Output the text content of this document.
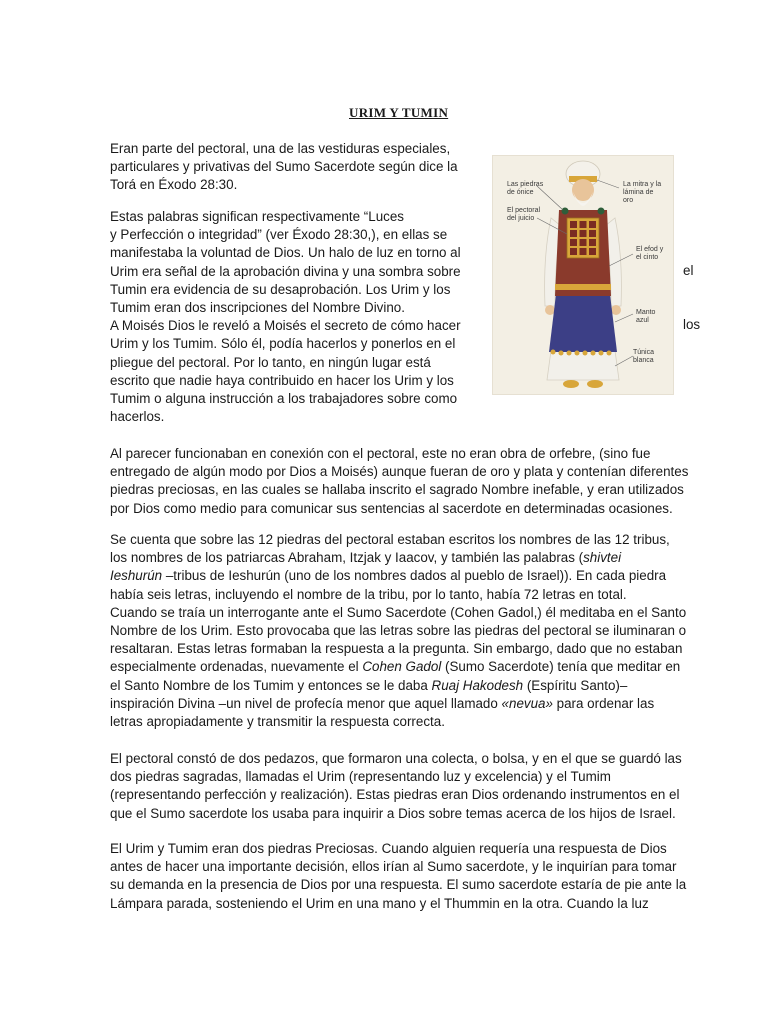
URIM Y TUMIN

Eran parte del pectoral, una de las vestiduras especiales,
particulares y privativas del Sumo Sacerdote según dice la
Torá en Éxodo 28:30.

Estas palabras significan respectivamente “Luces
y Perfección o integridad” (ver Éxodo 28:30,), en ellas se
manifestaba la voluntad de Dios. Un halo de luz en torno al
Urim era señal de la aprobación divina y una sombra sobre
Tumin era evidencia de su desaprobación. Los Urim y los
Tumim eran dos inscripciones del Nombre Divino.
A Moisés Dios le reveló a Moisés el secreto de cómo hacer
Urim y los Tumim. Sólo él, podía hacerlos y ponerlos en el
pliegue del pectoral. Por lo tanto, en ningún lugar está
escrito que nadie haya contribuido en hacer los Urim y los
Tumim o alguna instrucción a los trabajadores sobre como
hacerlos.

el
los
Las piedras
de ónice
El pectoral
del juicio
La mitra y la
lámina de
oro
El efod y
el cinto
Manto
azul
Túnica
blanca

Al parecer funcionaban en conexión con el pectoral, este no eran obra de orfebre, (sino fue
entregado de algún modo por Dios a Moisés) aunque fueran de oro y plata y contenían diferentes
piedras preciosas, en las cuales se hallaba inscrito el sagrado Nombre inefable, y eran utilizados
por Dios como medio para comunicar sus sentencias al sacerdote en determinadas ocasiones.

Se cuenta que sobre las 12 piedras del pectoral estaban escritos los nombres de las 12 tribus,
los nombres de los patriarcas Abraham, Itzjak y Iaacov, y también las palabras (shivtei
Ieshurún –tribus de Ieshurún (uno de los nombres dados al pueblo de Israel)). En cada piedra
había seis letras, incluyendo el nombre de la tribu, por lo tanto, había 72 letras en total.
Cuando se traía un interrogante ante el Sumo Sacerdote (Cohen Gadol,) él meditaba en el Santo
Nombre de los Urim. Esto provocaba que las letras sobre las piedras del pectoral se iluminaran o
resaltaran. Estas letras formaban la respuesta a la pregunta. Sin embargo, dado que no estaban
especialmente ordenadas, nuevamente el Cohen Gadol (Sumo Sacerdote) tenía que meditar en
el Santo Nombre de los Tumim y entonces se le daba Ruaj Hakodesh (Espíritu Santo)–
inspiración Divina –un nivel de profecía menor que aquel llamado «nevua» para ordenar las
letras apropiadamente y transmitir la respuesta correcta.

El pectoral constó de dos pedazos, que formaron una colecta, o bolsa, y en el que se guardó las
dos piedras sagradas, llamadas el Urim (representando luz y excelencia) y el Tumim
(representando perfección y realización). Estas piedras eran Dios ordenando instrumentos en el
que el Sumo sacerdote los usaba para inquirir a Dios sobre temas acerca de los hijos de Israel.

El Urim y Tumim eran dos piedras Preciosas. Cuando alguien requería una respuesta de Dios
antes de hacer una importante decisión, ellos irían al Sumo sacerdote, y le inquirían para tomar
su demanda en la presencia de Dios por una respuesta. El sumo sacerdote estaría de pie ante la
Lámpara parada, sosteniendo el Urim en una mano y el Thummin en la otra. Cuando la luz
